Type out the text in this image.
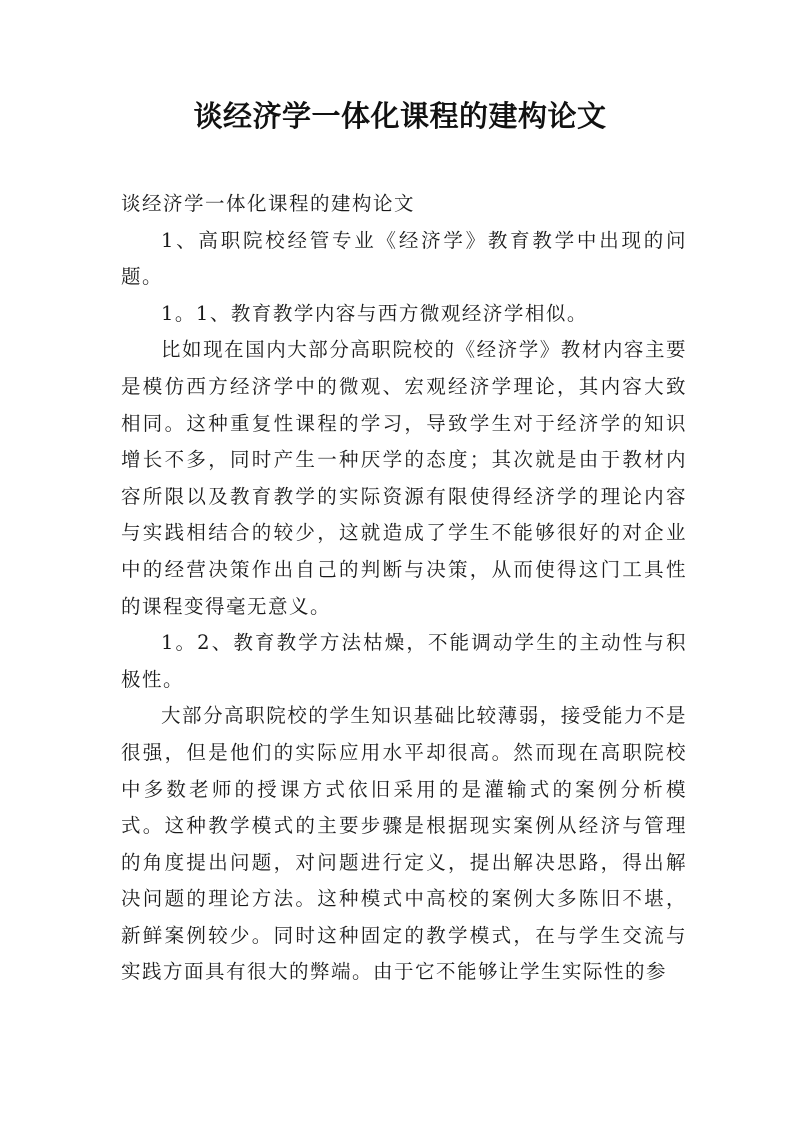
谈经济学一体化课程的建构论文

谈经济学一体化课程的建构论文

1、高职院校经管专业《经济学》教育教学中出现的问题。

1。1、教育教学内容与西方微观经济学相似。

比如现在国内大部分高职院校的《经济学》教材内容主要是模仿西方经济学中的微观、宏观经济学理论，其内容大致相同。这种重复性课程的学习，导致学生对于经济学的知识增长不多，同时产生一种厌学的态度；其次就是由于教材内容所限以及教育教学的实际资源有限使得经济学的理论内容与实践相结合的较少，这就造成了学生不能够很好的对企业中的经营决策作出自己的判断与决策，从而使得这门工具性的课程变得毫无意义。

1。2、教育教学方法枯燥，不能调动学生的主动性与积极性。

大部分高职院校的学生知识基础比较薄弱，接受能力不是很强，但是他们的实际应用水平却很高。然而现在高职院校中多数老师的授课方式依旧采用的是灌输式的案例分析模式。这种教学模式的主要步骤是根据现实案例从经济与管理的角度提出问题，对问题进行定义，提出解决思路，得出解决问题的理论方法。这种模式中高校的案例大多陈旧不堪，新鲜案例较少。同时这种固定的教学模式，在与学生交流与实践方面具有很大的弊端。由于它不能够让学生实际性的参
